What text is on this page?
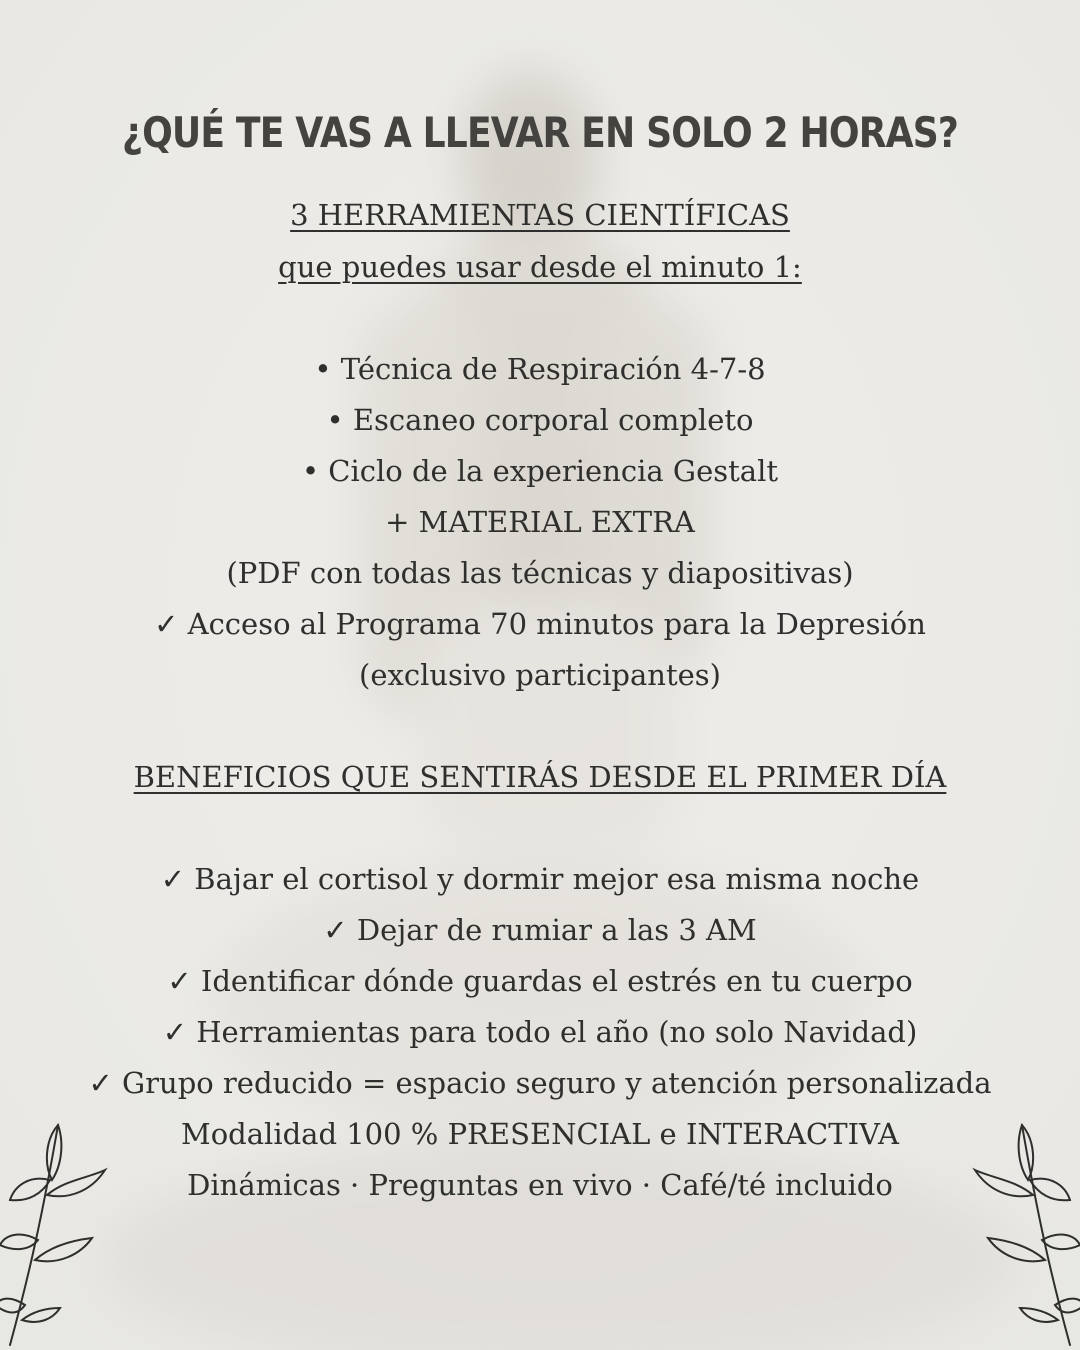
¿QUÉ TE VAS A LLEVAR EN SOLO 2 HORAS?
3 HERRAMIENTAS CIENTÍFICAS
que puedes usar desde el minuto 1:
• Técnica de Respiración 4-7-8
• Escaneo corporal completo
• Ciclo de la experiencia Gestalt
+ MATERIAL EXTRA
(PDF con todas las técnicas y diapositivas)
✓ Acceso al Programa 70 minutos para la Depresión
(exclusivo participantes)
BENEFICIOS QUE SENTIRÁS DESDE EL PRIMER DÍA
✓ Bajar el cortisol y dormir mejor esa misma noche
✓ Dejar de rumiar a las 3 AM
✓ Identificar dónde guardas el estrés en tu cuerpo
✓ Herramientas para todo el año (no solo Navidad)
✓ Grupo reducido = espacio seguro y atención personalizada
Modalidad 100 % PRESENCIAL e INTERACTIVA
Dinámicas · Preguntas en vivo · Café/té incluido
